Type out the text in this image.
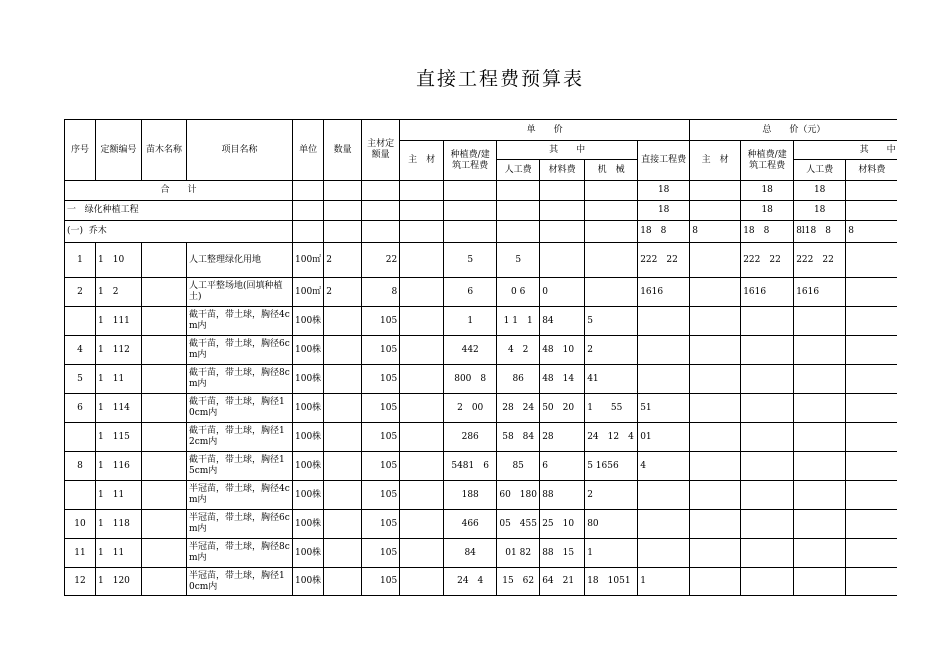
直接工程费预算表
序号	定额编号	苗木名称	项目名称	单位	数量	主材定额量	单　　价						总　　价（元）			
							主　材	种植费/建筑工程费	其　　中			直接工程费	主　材	种植费/建筑工程费	其　　中	
									人工费	材料费	机　械				人工费	材料费

合　　计												18		18	18	
一 绿化种植工程												18		18	18	
(一) 乔木												18　8	8	18　8	8l18　8	8
1	1　10		人工整理绿化用地	100㎡	2	22		5	5			222　22		222　22	222　22	
2	1　2		人工平整场地(回填种植土)	100㎡	2	8		6	0 6	0		1616		1616	1616	
	1　111		截干苗，带土球，胸径4cm内	100株		105		1	1 1　1	84	5					
4	1　112		截干苗，带土球，胸径6cm内	100株		105		442	4　2	48　10	2					
5	1　11		截干苗，带土球，胸径8cm内	100株		105		800　8	86	48　14	41					
6	1　114		截干苗，带土球，胸径10cm内	100株		105		2　00	28　24	50　20	1　　55	51				
	1　115		截干苗，带土球，胸径12cm内	100株		105		286	58　84	28	24　12　4	01				
8	1　116		截干苗，带土球，胸径15cm内	100株		105		5481　6	85	6	5 1656	4				
	1　11		半冠苗，带土球，胸径4cm内	100株		105		188	60　180	88	2					
10	1　118		半冠苗，带土球，胸径6cm内	100株		105		466	05　455	25　10	80					
11	1　11		半冠苗，带土球，胸径8cm内	100株		105		84	01 82	88　15	1					
12	1　120		半冠苗，带土球，胸径10cm内	100株		105		24　4	15　62	64　21	18　1051	1				
